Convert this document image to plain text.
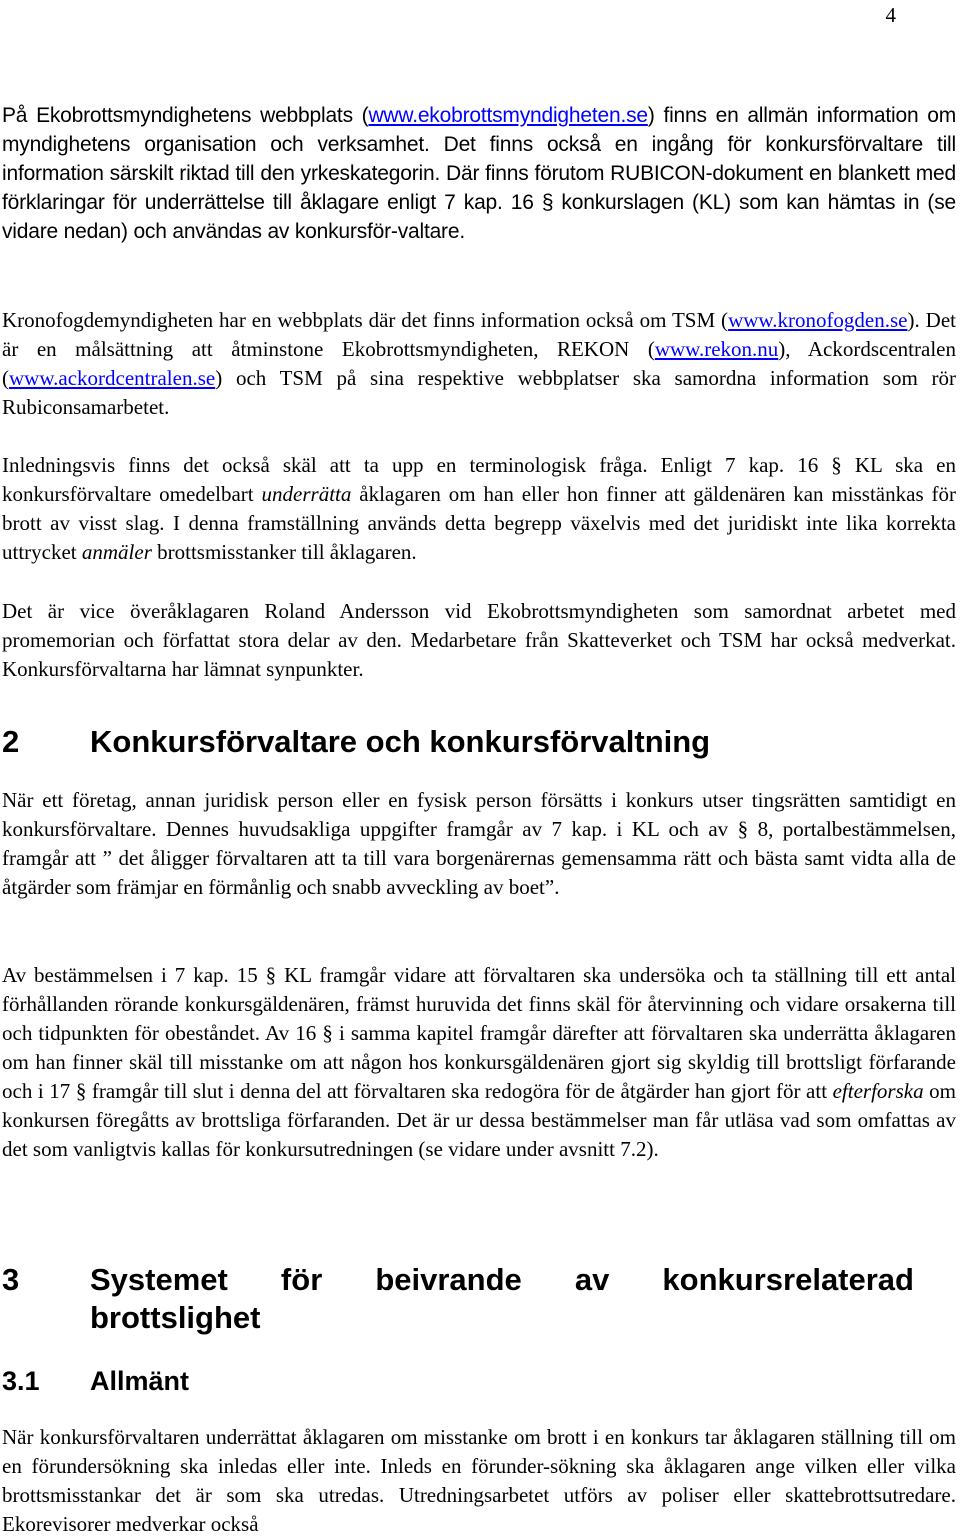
4

På Ekobrottsmyndighetens webbplats (www.ekobrottsmyndigheten.se) finns en allmän information om myndighetens organisation och verksamhet. Det finns också en ingång för konkursförvaltare till information särskilt riktad till den yrkeskategorin. Där finns förutom RUBICON-dokument en blankett med förklaringar för underrättelse till åklagare enligt 7 kap. 16 § konkurslagen (KL) som kan hämtas in (se vidare nedan) och användas av konkursför-valtare.

Kronofogdemyndigheten har en webbplats där det finns information också om TSM (www.kronofogden.se). Det är en målsättning att åtminstone Ekobrottsmyndigheten, REKON (www.rekon.nu), Ackordscentralen (www.ackordcentralen.se) och TSM på sina respektive webbplatser ska samordna information som rör Rubiconsamarbetet.

Inledningsvis finns det också skäl att ta upp en terminologisk fråga. Enligt 7 kap. 16 § KL ska en konkursförvaltare omedelbart underrätta åklagaren om han eller hon finner att gäldenären kan misstänkas för brott av visst slag. I denna framställning används detta begrepp växelvis med det juridiskt inte lika korrekta uttrycket anmäler brottsmisstanker till åklagaren.

Det är vice överåklagaren Roland Andersson vid Ekobrottsmyndigheten som samordnat arbetet med promemorian och författat stora delar av den. Medarbetare från Skatteverket och TSM har också medverkat. Konkursförvaltarna har lämnat synpunkter.

2 Konkursförvaltare och konkursförvaltning

När ett företag, annan juridisk person eller en fysisk person försätts i konkurs utser tingsrätten samtidigt en konkursförvaltare. Dennes huvudsakliga uppgifter framgår av 7 kap. i KL och av § 8, portalbestämmelsen, framgår att ” det åligger förvaltaren att ta till vara borgenärernas gemensamma rätt och bästa samt vidta alla de åtgärder som främjar en förmånlig och snabb avveckling av boet”.

Av bestämmelsen i 7 kap. 15 § KL framgår vidare att förvaltaren ska undersöka och ta ställning till ett antal förhållanden rörande konkursgäldenären, främst huruvida det finns skäl för återvinning och vidare orsakerna till och tidpunkten för obeståndet. Av 16 § i samma kapitel framgår därefter att förvaltaren ska underrätta åklagaren om han finner skäl till misstanke om att någon hos konkursgäldenären gjort sig skyldig till brottsligt förfarande och i 17 § framgår till slut i denna del att förvaltaren ska redogöra för de åtgärder han gjort för att efterforska om konkursen föregåtts av brottsliga förfaranden. Det är ur dessa bestämmelser man får utläsa vad som omfattas av det som vanligtvis kallas för konkursutredningen (se vidare under avsnitt 7.2).

3	Systemet för beivrande av konkursrelaterad
brottslighet
3.1 Allmänt

När konkursförvaltaren underrättat åklagaren om misstanke om brott i en konkurs tar åklagaren ställning till om en förundersökning ska inledas eller inte. Inleds en förunder-sökning ska åklagaren ange vilken eller vilka brottsmisstankar det är som ska utredas. Utredningsarbetet utförs av poliser eller skattebrottsutredare. Ekorevisorer medverkar också
